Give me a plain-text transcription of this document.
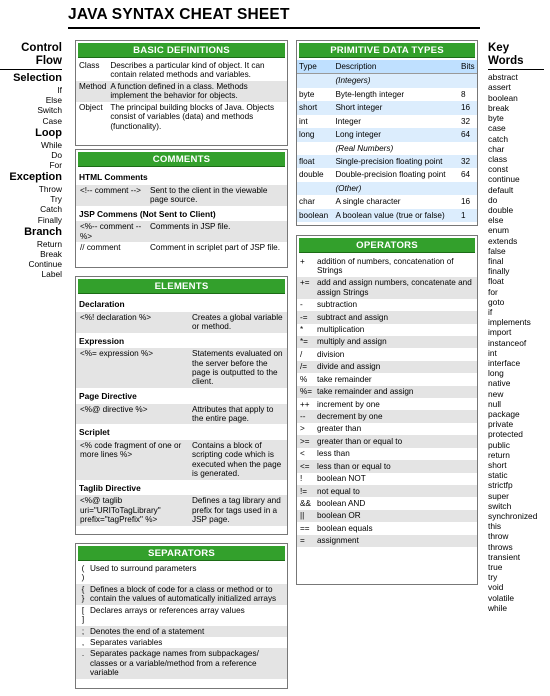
JAVA SYNTAX CHEAT SHEET
Control
Flow
Selection
If
Else
Switch
Case
Loop
While
Do
For
Exception
Throw
Try
Catch
Finally
Branch
Return
Break
Continue
Label
Key
Words
abstract
assert
boolean
break
byte
case
catch
char
class
const
continue
default
do
double
else
enum
extends
false
final
finally
float
for
goto
if
implements
import
instanceof
int
interface
long
native
new
null
package
private
protected
public
return
short
static
strictfp
super
switch
synchronized
this
throw
throws
transient
true
try
void
volatile
while
BASIC DEFINITIONS
Class	Describes a particular kind of object. It can contain related methods and variables.
Method	A function defined in a class. Methods implement the behavior for objects.
Object	The principal building blocks of Java. Objects consist of variables (data) and methods (functionality).
COMMENTS
HTML Comments
<!-- comment -->	Sent to the client in the viewable page source.
JSP Commens (Not Sent to Client)
<%-- comment --%>	Comments in JSP file.
// comment	Comment in scriplet part of JSP file.
ELEMENTS
Declaration
<%! declaration %>	Creates a global variable or method.
Expression
<%= expression %>	Statements evaluated on the server before the page is outputted to the client.
Page Directive
<%@ directive %>	Attributes that apply to the entire page.
Scriplet
<% code fragment of one or more lines %>	Contains a block of scripting code which is executed when the page is generated.
Taglib Directive
<%@ taglib uri="URIToTagLibrary" prefix="tagPrefix" %>	Defines a tag library and prefix for tags used in a JSP page.
SEPARATORS
( )	Used to surround parameters
{ }	Defines a block of code for a class or method or to contain the values of automatically initialized arrays
[ ]	Declares arrays or references array values
;	Denotes the end of a statement
,	Separates variables
.	Separates package names from subpackages/ classes or a variable/method from a reference variable
PRIMITIVE DATA TYPES
Type	Description	Bits
	(Integers)	
byte	Byte-length integer	8
short	Short integer	16
int	Integer	32
long	Long integer	64
	(Real Numbers)	
float	Single-precision floating point	32
double	Double-precision floating point	64
	(Other)	
char	A single character	16
boolean	A boolean value (true or false)	1
OPERATORS
+	addition of numbers, concatenation of Strings
+=	add and assign numbers, concatenate and assign Strings
-	subtraction
-=	subtract and assign
*	multiplication
*=	multiply and assign
/	division
/=	divide and assign
%	take remainder
%=	take remainder and assign
++	increment by one
--	decrement by one
>	greater than
>=	greater than or equal to
<	less than
<=	less than or equal to
!	boolean NOT
!=	not equal to
&&	boolean AND
||	boolean OR
==	boolean equals
=	assignment
